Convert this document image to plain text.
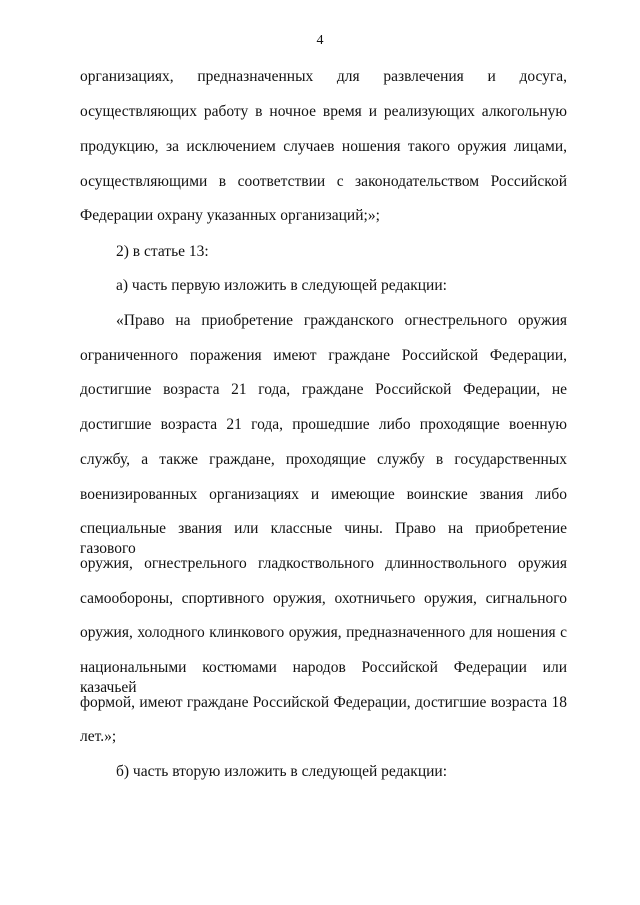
4
организациях, предназначенных для развлечения и досуга,
осуществляющих работу в ночное время и реализующих алкогольную
продукцию, за исключением случаев ношения такого оружия лицами,
осуществляющими в соответствии с законодательством Российской
Федерации охрану указанных организаций;»;
2) в статье 13:
а) часть первую изложить в следующей редакции:
«Право на приобретение гражданского огнестрельного оружия
ограниченного поражения имеют граждане Российской Федерации,
достигшие возраста 21 года, граждане Российской Федерации, не
достигшие возраста 21 года, прошедшие либо проходящие военную
службу, а также граждане, проходящие службу в государственных
военизированных организациях и имеющие воинские звания либо
специальные звания или классные чины. Право на приобретение газового
оружия, огнестрельного гладкоствольного длинноствольного оружия
самообороны, спортивного оружия, охотничьего оружия, сигнального
оружия, холодного клинкового оружия, предназначенного для ношения с
национальными костюмами народов Российской Федерации или казачьей
формой, имеют граждане Российской Федерации, достигшие возраста 18
лет.»;
б) часть вторую изложить в следующей редакции:
